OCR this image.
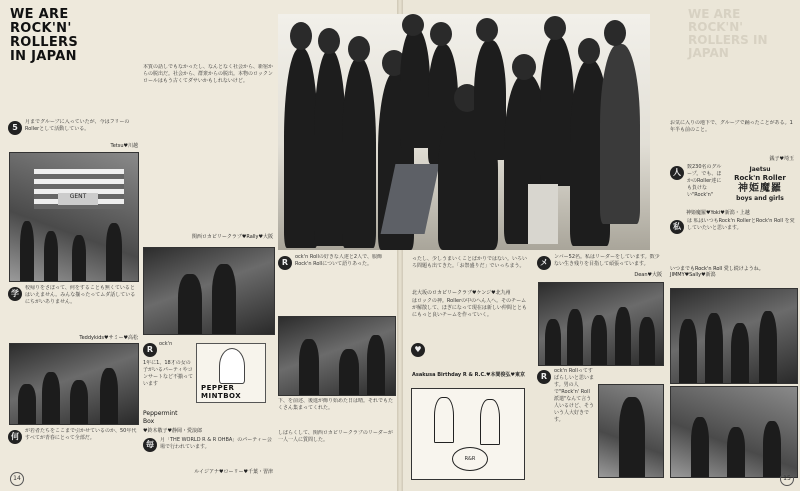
WE ARE
ROCK'N' ROLLERS
IN JAPAN
5
月までグループに入っていたが、今はフリーのRollerとして活動している。
Tetsu♥川越
GENT
学
校帰りをさぼって、何をすることも無くているとはいえません。みんな揃ったってムダ話しているにちがいありません。
Teddykids♥サミー♥高松
何
が若者たちをここまで引かせているのか、50年代すべてが青春にとって全部だ。
本質の話しでもなかったし、なんとなく社会から、新宿からの脱出だ。社会から、群衆からの脱出。本物のロックンロールはもう古くてダサいかもしれないけど。
関西ロカビリークラブ♥Rally♥大阪
R
ock'n
1年に1、18才の女の子がいるパーティやコンサートなど不揃っています
Peppermint
Box
PEPPER MINTBOX
♥鈴木敬子♥静岡・愛浪郎
毎	月「THE WORLD R & R OHBA」のパーティー会場で行われています。
ルイジアナ♥ローリー♥千葉・習津
R
ock'n Rollの好きな人達と2人で、服飾Rock'n Rollについて語りあった。
下、を前述、後進が飾り始めた日は晴。それでもたくさん集まってくれた。
しばらくして、関西ロカビリークラブのリーダーが一人一人に質問した。
14
WE ARE ROCK'N' ROLLERS IN JAPAN
ったし、少しうまいくことばかりではない。いろいろ問題も出てきた。「お祭盛りだ」でいっちまう。
♥
北大坂のロカビリークラブ♥ケンジ♥北九州
はロックの神。Rollerの中のへん人へ。そのチームが解散して、ほぎになって現在は新しい仲間とともにもっと良いチームを作っていく。
Asakusa Birthday R & R.C.♥本間俊弘♥東京
R&R
メ
ンバー52名。私はリーダーをしています。数少ない生き残りを目指して頑張っています。
Dean♥大阪
R
ock'n Rollってすばらしいと思います。男の人で"Rock'n' Roll 派遣"なんて言う人いるけど、そういう人大好きです。
お気に入りの地下で、グループで踊ったことがある。1年半も前のこと。
銭子♥埼玉
人
数230名のグループ。でも、ほかのRoller達にも負けない"Rock'n"
Jaetsu
Rock'n Roller
神姫魔羅
boys and girls
神姫魔羅♥Yoki♥新潟・上越
私
は 私はいつもRock'n RollerとRock'n Roll を愛していたいと思います。
いつまでもRock'n Roll 愛し続けようね。JIMMY♥Sally♥新潟
15
